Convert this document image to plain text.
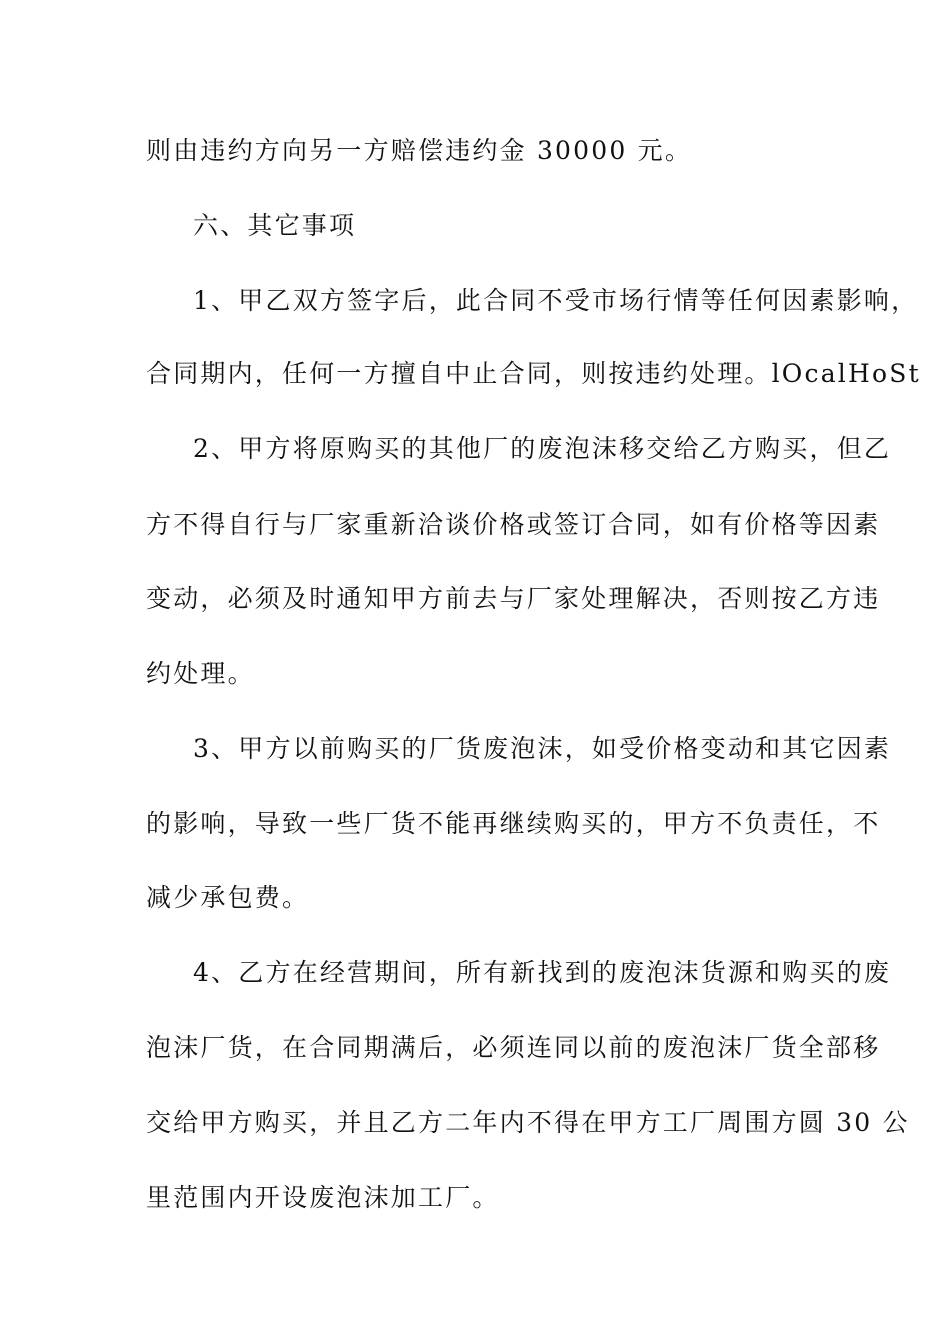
则由违约方向另一方赔偿违约金 30000 元。
六、其它事项
1、甲乙双方签字后，此合同不受市场行情等任何因素影响，
合同期内，任何一方擅自中止合同，则按违约处理。lOcalHoSt
2、甲方将原购买的其他厂的废泡沫移交给乙方购买，但乙
方不得自行与厂家重新洽谈价格或签订合同，如有价格等因素
变动，必须及时通知甲方前去与厂家处理解决，否则按乙方违
约处理。
3、甲方以前购买的厂货废泡沫，如受价格变动和其它因素
的影响，导致一些厂货不能再继续购买的，甲方不负责任，不
减少承包费。
4、乙方在经营期间，所有新找到的废泡沫货源和购买的废
泡沫厂货，在合同期满后，必须连同以前的废泡沫厂货全部移
交给甲方购买，并且乙方二年内不得在甲方工厂周围方圆 30 公
里范围内开设废泡沫加工厂。
